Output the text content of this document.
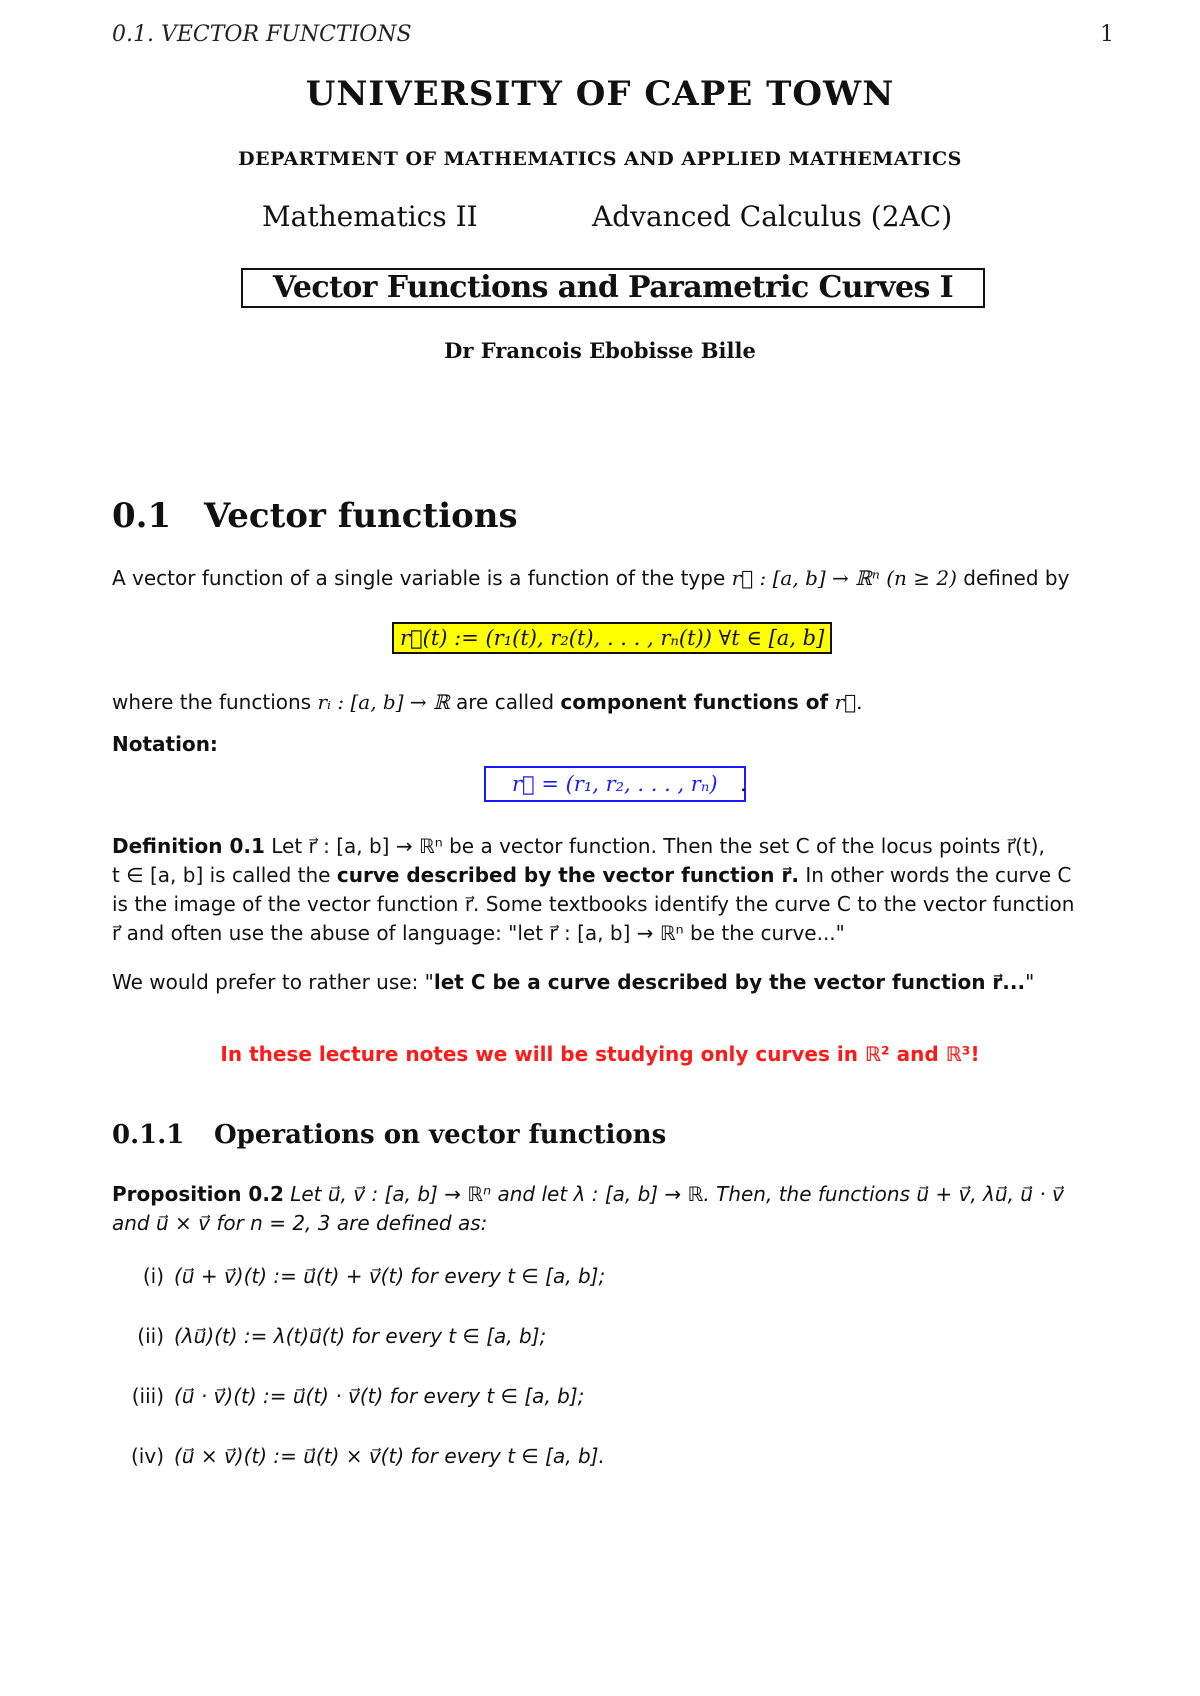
0.1. VECTOR FUNCTIONS	1
UNIVERSITY OF CAPE TOWN
DEPARTMENT OF MATHEMATICS AND APPLIED MATHEMATICS
Mathematics II	Advanced Calculus (2AC)
Vector Functions and Parametric Curves I
Dr Francois Ebobisse Bille
0.1 Vector functions
A vector function of a single variable is a function of the type r⃗ : [a, b] → ℝⁿ (n ≥ 2) defined by
r⃗(t) := (r₁(t), r₂(t), . . . , rₙ(t)) ∀t ∈ [a, b]
where the functions rᵢ : [a, b] → ℝ are called component functions of r⃗.
Notation:
r⃗ = (r₁, r₂, . . . , rₙ)	.
Definition 0.1 Let r⃗ : [a, b] → ℝⁿ be a vector function. Then the set C of the locus points r⃗(t),
t ∈ [a, b] is called the curve described by the vector function r⃗. In other words the curve C
is the image of the vector function r⃗. Some textbooks identify the curve C to the vector function
r⃗ and often use the abuse of language: "let r⃗ : [a, b] → ℝⁿ be the curve..."
We would prefer to rather use: "let C be a curve described by the vector function r⃗..."
In these lecture notes we will be studying only curves in ℝ² and ℝ³!
0.1.1 Operations on vector functions
Proposition 0.2 Let u⃗, v⃗ : [a, b] → ℝⁿ and let λ : [a, b] → ℝ. Then, the functions u⃗ + v⃗, λu⃗, u⃗ · v⃗
and u⃗ × v⃗ for n = 2, 3 are defined as:
(i) (u⃗ + v⃗)(t) := u⃗(t) + v⃗(t) for every t ∈ [a, b];
(ii) (λu⃗)(t) := λ(t)u⃗(t) for every t ∈ [a, b];
(iii) (u⃗ · v⃗)(t) := u⃗(t) · v⃗(t) for every t ∈ [a, b];
(iv) (u⃗ × v⃗)(t) := u⃗(t) × v⃗(t) for every t ∈ [a, b].
